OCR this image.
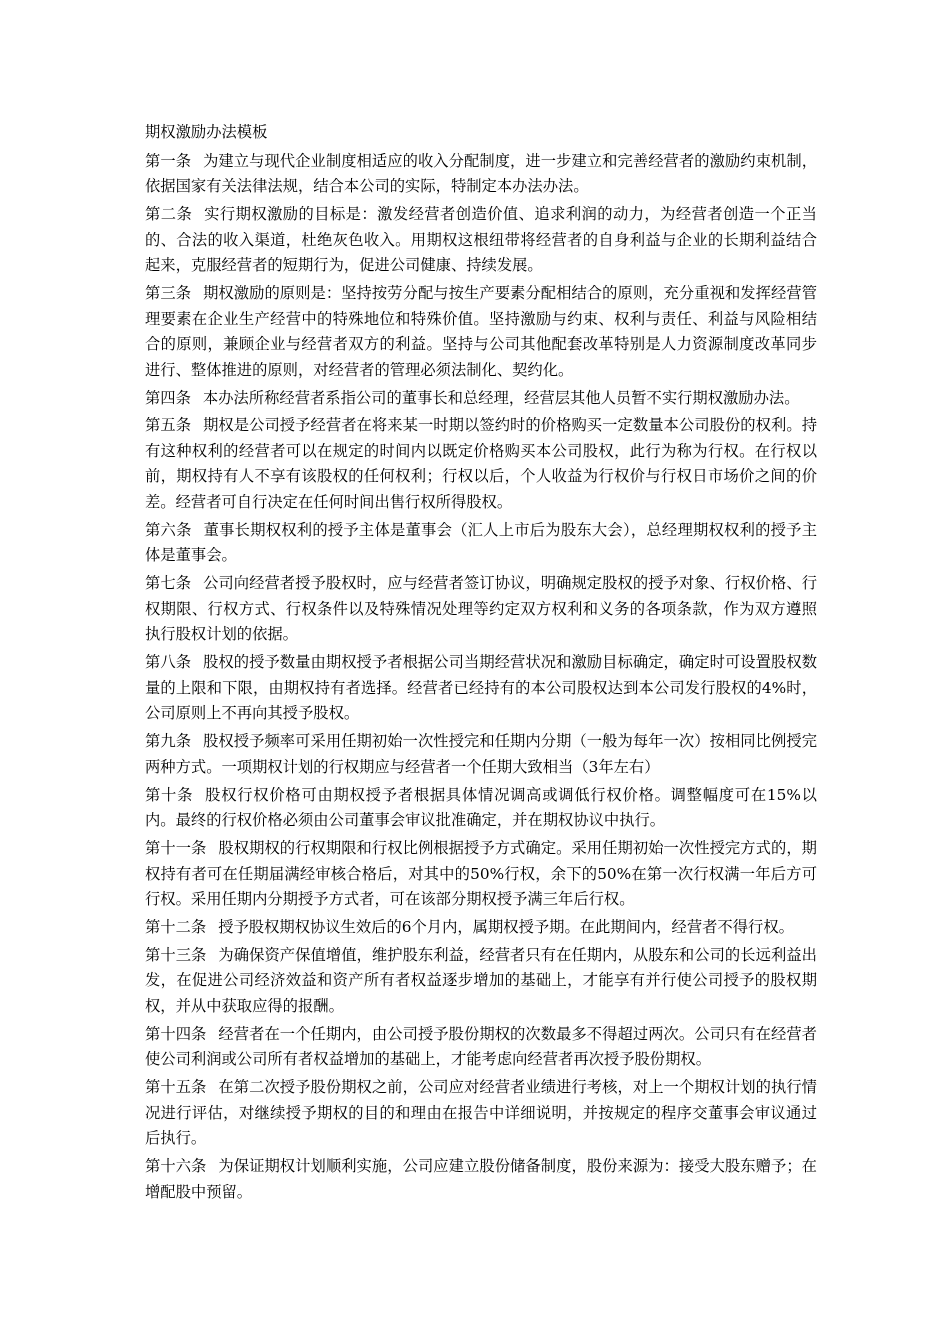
期权激励办法模板

第一条 为建立与现代企业制度相适应的收入分配制度，进一步建立和完善经营者的激励约束机制，依据国家有关法律法规，结合本公司的实际，特制定本办法办法。

第二条 实行期权激励的目标是：激发经营者创造价值、追求利润的动力，为经营者创造一个正当的、合法的收入渠道，杜绝灰色收入。用期权这根纽带将经营者的自身利益与企业的长期利益结合起来，克服经营者的短期行为，促进公司健康、持续发展。

第三条 期权激励的原则是：坚持按劳分配与按生产要素分配相结合的原则，充分重视和发挥经营管理要素在企业生产经营中的特殊地位和特殊价值。坚持激励与约束、权利与责任、利益与风险相结合的原则，兼顾企业与经营者双方的利益。坚持与公司其他配套改革特别是人力资源制度改革同步进行、整体推进的原则，对经营者的管理必须法制化、契约化。

第四条 本办法所称经营者系指公司的董事长和总经理，经营层其他人员暂不实行期权激励办法。

第五条 期权是公司授予经营者在将来某一时期以签约时的价格购买一定数量本公司股份的权利。持有这种权利的经营者可以在规定的时间内以既定价格购买本公司股权，此行为称为行权。在行权以前，期权持有人不享有该股权的任何权利；行权以后，个人收益为行权价与行权日市场价之间的价差。经营者可自行决定在任何时间出售行权所得股权。

第六条 董事长期权权利的授予主体是董事会（汇人上市后为股东大会），总经理期权权利的授予主体是董事会。

第七条 公司向经营者授予股权时，应与经营者签订协议，明确规定股权的授予对象、行权价格、行权期限、行权方式、行权条件以及特殊情况处理等约定双方权利和义务的各项条款，作为双方遵照执行股权计划的依据。

第八条 股权的授予数量由期权授予者根据公司当期经营状况和激励目标确定，确定时可设置股权数量的上限和下限，由期权持有者选择。经营者已经持有的本公司股权达到本公司发行股权的4%时，公司原则上不再向其授予股权。

第九条 股权授予频率可采用任期初始一次性授完和任期内分期（一般为每年一次）按相同比例授完两种方式。一项期权计划的行权期应与经营者一个任期大致相当（3年左右）

第十条 股权行权价格可由期权授予者根据具体情况调高或调低行权价格。调整幅度可在15%以内。最终的行权价格必须由公司董事会审议批准确定，并在期权协议中执行。

第十一条 股权期权的行权期限和行权比例根据授予方式确定。采用任期初始一次性授完方式的，期权持有者可在任期届满经审核合格后，对其中的50%行权，余下的50%在第一次行权满一年后方可行权。采用任期内分期授予方式者，可在该部分期权授予满三年后行权。

第十二条 授予股权期权协议生效后的6个月内，属期权授予期。在此期间内，经营者不得行权。

第十三条 为确保资产保值增值，维护股东利益，经营者只有在任期内，从股东和公司的长远利益出发，在促进公司经济效益和资产所有者权益逐步增加的基础上，才能享有并行使公司授予的股权期权，并从中获取应得的报酬。

第十四条 经营者在一个任期内，由公司授予股份期权的次数最多不得超过两次。公司只有在经营者使公司利润或公司所有者权益增加的基础上，才能考虑向经营者再次授予股份期权。

第十五条 在第二次授予股份期权之前，公司应对经营者业绩进行考核，对上一个期权计划的执行情况进行评估，对继续授予期权的目的和理由在报告中详细说明，并按规定的程序交董事会审议通过后执行。

第十六条 为保证期权计划顺利实施，公司应建立股份储备制度，股份来源为：接受大股东赠予；在增配股中预留。
